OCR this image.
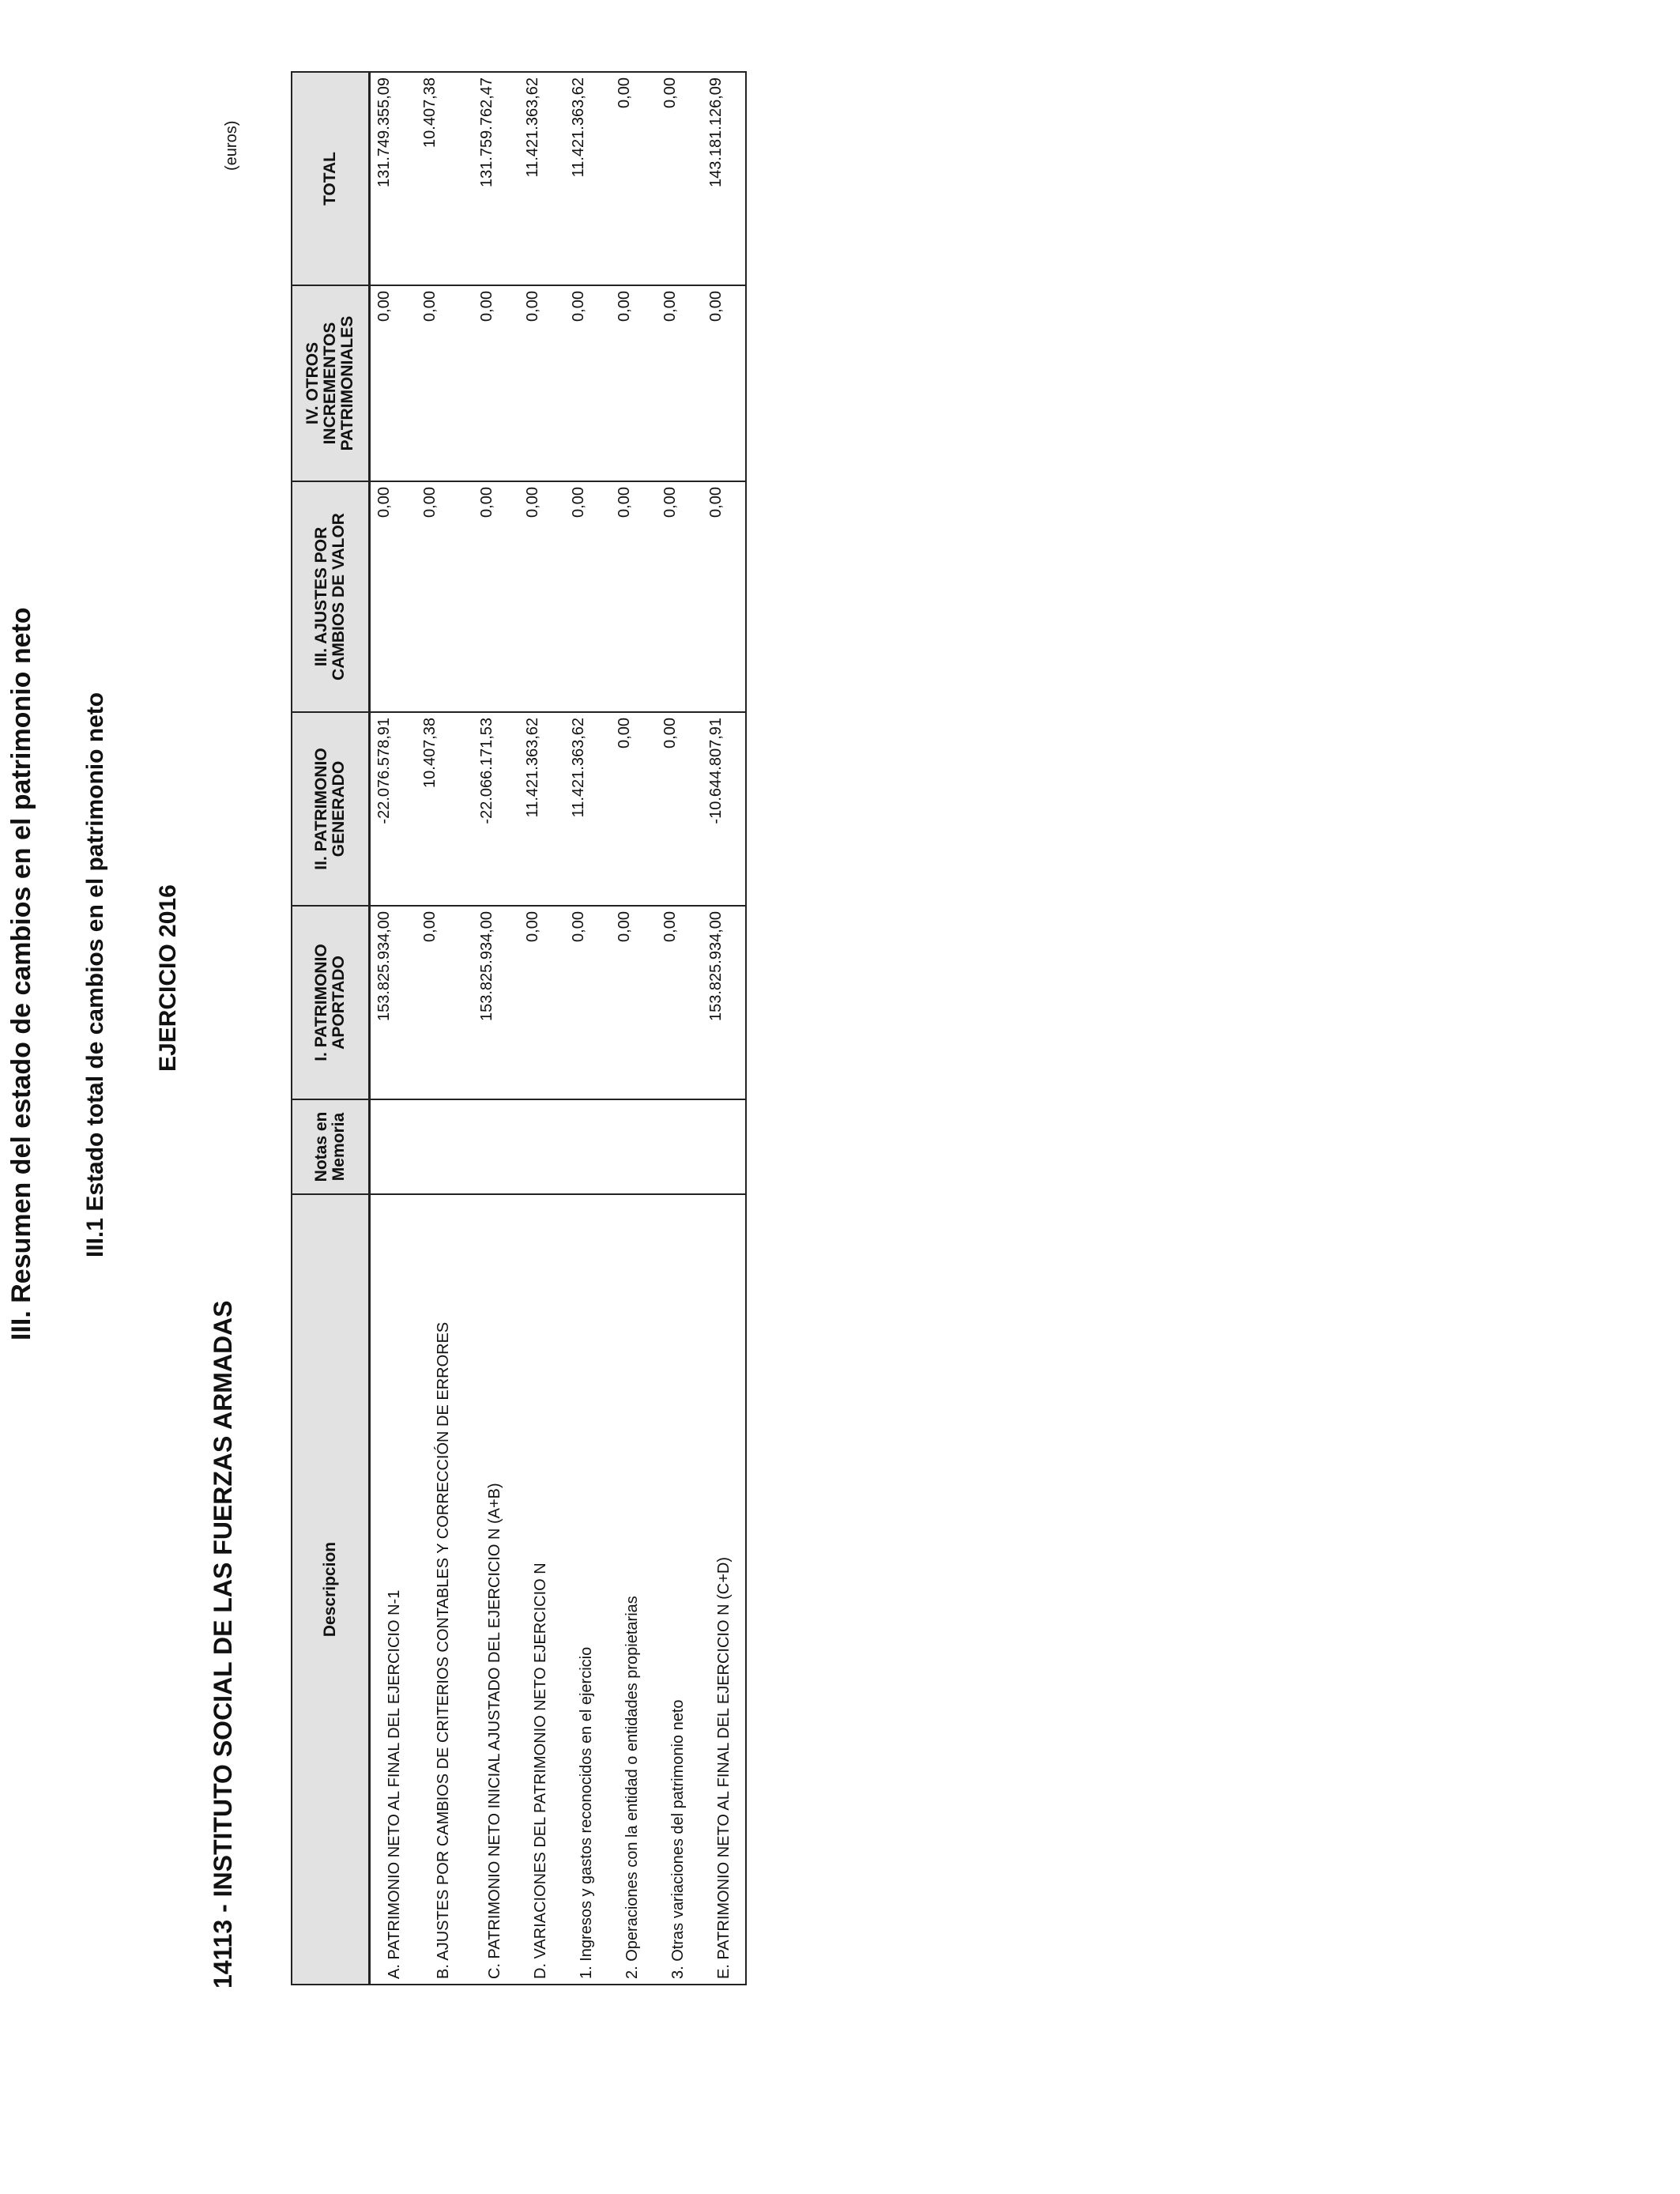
III. Resumen del estado de cambios en el patrimonio neto III.1 Estado total de cambios en el patrimonio neto EJERCICIO 2016
14113 - INSTITUTO SOCIAL DE LAS FUERZAS ARMADAS
(euros)
Descripcion	Notas en Memoria	I. PATRIMONIO APORTADO	II. PATRIMONIO GENERADO	III. AJUSTES POR CAMBIOS DE VALOR	IV. OTROS INCREMENTOS PATRIMONIALES	TOTAL
A. PATRIMONIO NETO AL FINAL DEL EJERCICIO N-1		153.825.934,00	-22.076.578,91	0,00	0,00	131.749.355,09
B. AJUSTES POR CAMBIOS DE CRITERIOS CONTABLES Y CORRECCIÓN DE ERRORES		0,00	10.407,38	0,00	0,00	10.407,38
C. PATRIMONIO NETO INICIAL AJUSTADO DEL EJERCICIO N (A+B)		153.825.934,00	-22.066.171,53	0,00	0,00	131.759.762,47
D. VARIACIONES DEL PATRIMONIO NETO EJERCICIO N		0,00	11.421.363,62	0,00	0,00	11.421.363,62
1. Ingresos y gastos reconocidos en el ejercicio		0,00	11.421.363,62	0,00	0,00	11.421.363,62
2. Operaciones con la entidad o entidades propietarias		0,00	0,00	0,00	0,00	0,00
3. Otras variaciones del patrimonio neto		0,00	0,00	0,00	0,00	0,00
E. PATRIMONIO NETO AL FINAL DEL EJERCICIO N (C+D)		153.825.934,00	-10.644.807,91	0,00	0,00	143.181.126,09
